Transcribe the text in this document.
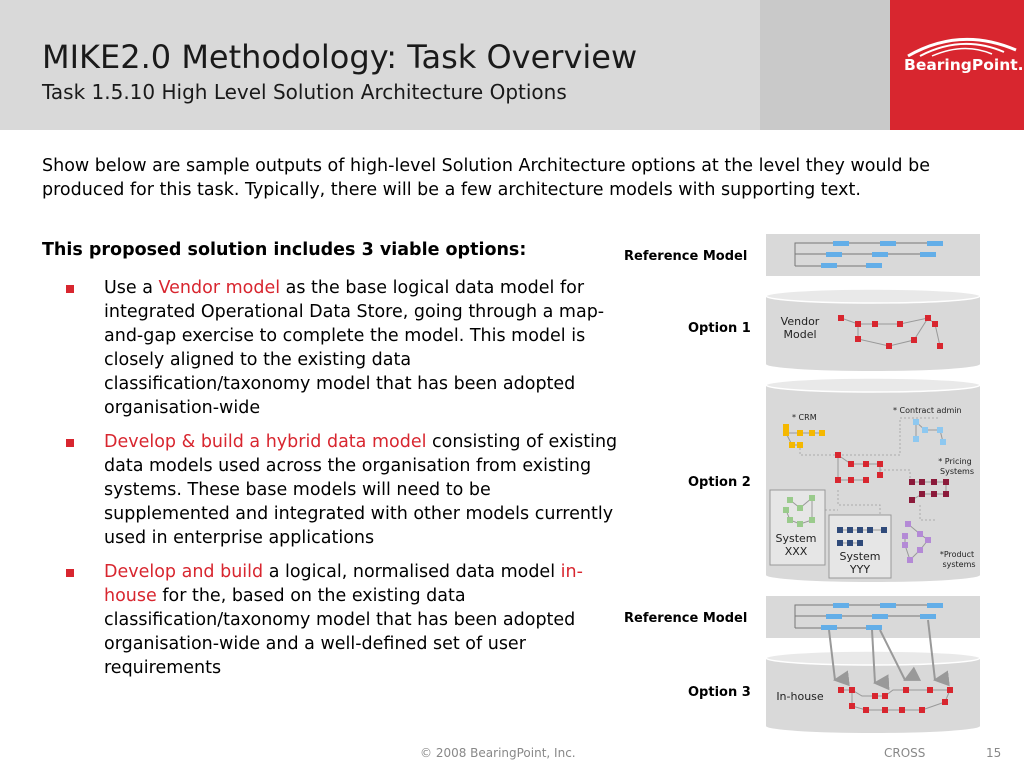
MIKE2.0 Methodology: Task Overview
Task 1.5.10 High Level Solution Architecture Options
BearingPoint.
Show below are sample outputs of high-level Solution Architecture options at the level they would be produced for this task. Typically, there will be a few architecture models with supporting text.
This proposed solution includes 3 viable options:
Use a Vendor model as the base logical data model for integrated Operational Data Store, going through a map-and-gap exercise to complete the model. This model is closely aligned to the existing data classification/taxonomy model that has been adopted organisation-wide
Develop & build a hybrid data model consisting of existing data models used across the organisation from existing systems. These base models will need to be supplemented and integrated with other models currently used in enterprise applications
Develop and build a logical, normalised data model in-house for the, based on the existing data classification/taxonomy model that has been adopted organisation-wide and a well-defined set of user requirements
Reference Model
Option 1
Option 2
Reference Model
Option 3
Vendor
Model
* CRM
* Contract admin
* Pricing
Systems
System
XXX	System
YYY
*Product
systems
In-house
© 2008 BearingPoint, Inc.	CROSS	15
